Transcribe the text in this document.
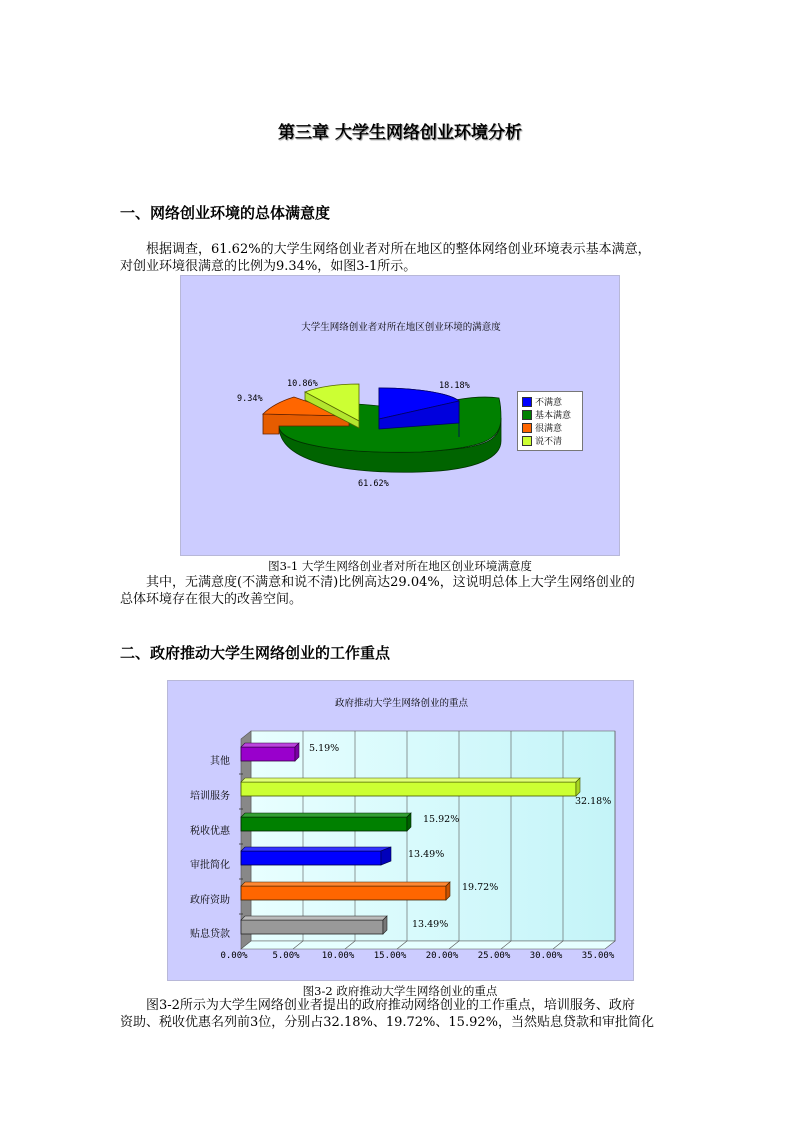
第三章 大学生网络创业环境分析
一、网络创业环境的总体满意度
根据调查，61.62%的大学生网络创业者对所在地区的整体网络创业环境表示基本满意，
对创业环境很满意的比例为9.34%，如图3-1所示。
大学生网络创业者对所在地区创业环境的满意度
18.18%
61.62%
9.34%
10.86%
不满意
基本满意
很满意
说不清
图3-1 大学生网络创业者对所在地区创业环境满意度
其中，无满意度(不满意和说不清)比例高达29.04%，这说明总体上大学生网络创业的
总体环境存在很大的改善空间。
二、政府推动大学生网络创业的工作重点
政府推动大学生网络创业的重点
其他
培训服务
税收优惠
审批简化
政府资助
贴息贷款
5.19%
32.18%
15.92%
13.49%
19.72%
13.49%
0.00%	5.00%	10.00%	15.00%	20.00%	25.00%	30.00%	35.00%
图3-2 政府推动大学生网络创业的重点
图3-2所示为大学生网络创业者提出的政府推动网络创业的工作重点，培训服务、政府
资助、税收优惠名列前3位，分别占32.18%、19.72%、15.92%，当然贴息贷款和审批简化
